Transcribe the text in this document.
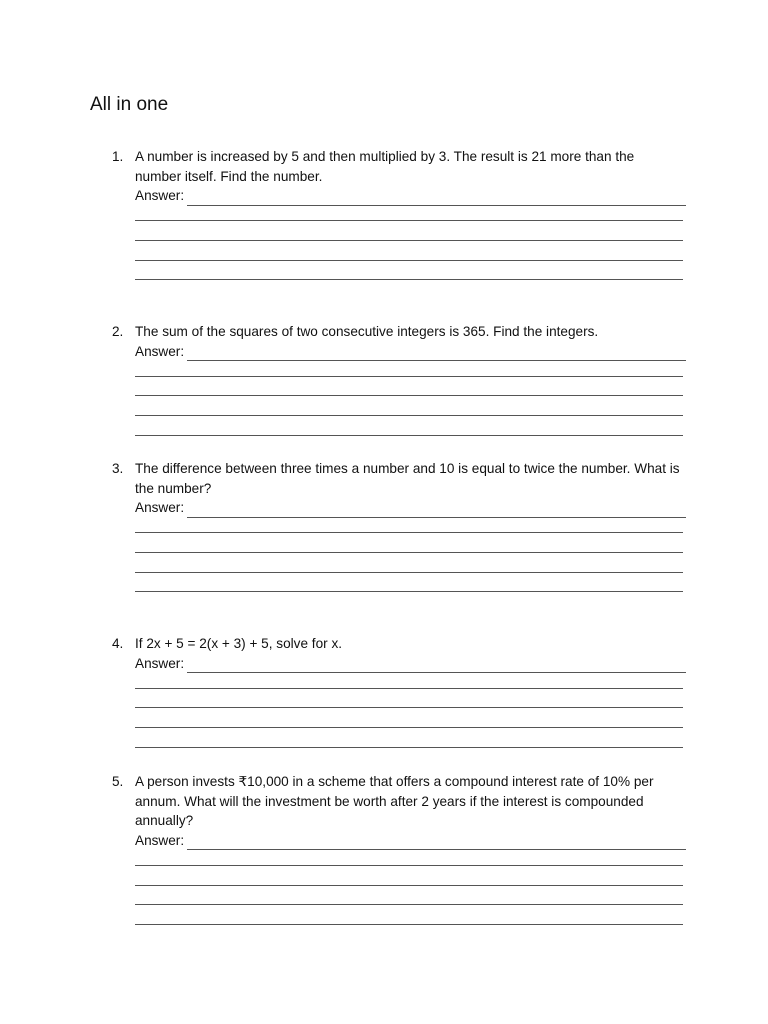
All in one
1. A number is increased by 5 and then multiplied by 3. The result is 21 more than the number itself. Find the number.
Answer:
2. The sum of the squares of two consecutive integers is 365. Find the integers.
Answer:
3. The difference between three times a number and 10 is equal to twice the number. What is the number?
Answer:
4. If 2x + 5 = 2(x + 3) + 5, solve for x.
Answer:
5. A person invests ₹10,000 in a scheme that offers a compound interest rate of 10% per annum. What will the investment be worth after 2 years if the interest is compounded annually?
Answer:
